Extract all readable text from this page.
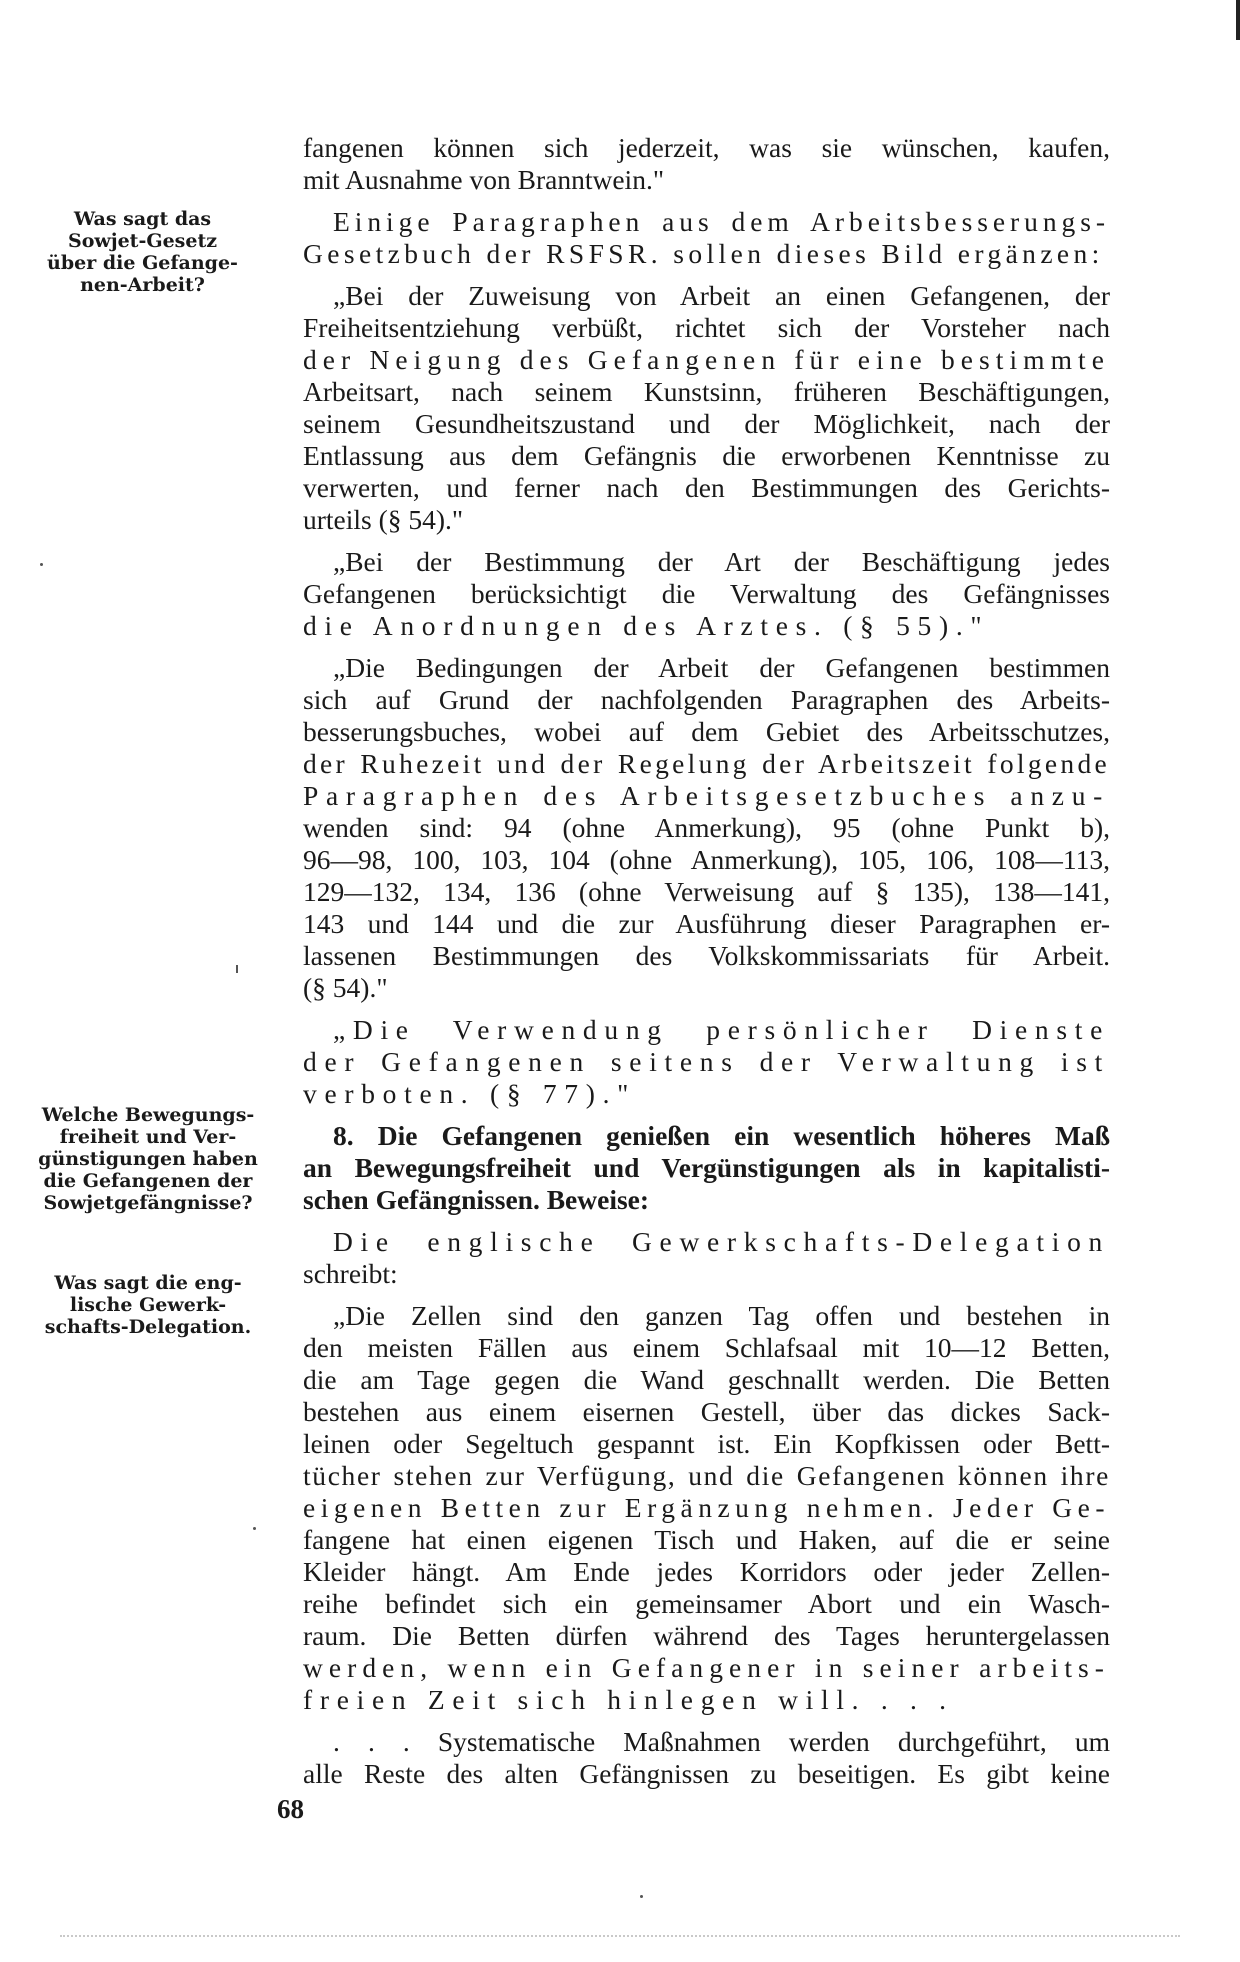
Was sagt das
Sowjet-Gesetz
über die Gefange-
nen-Arbeit?
Welche Bewegungs-
freiheit und Ver-
günstigungen haben
die Gefangenen der
Sowjetgefängnisse?
Was sagt die eng-
lische Gewerk-
schafts-Delegation.
fangenen können sich jederzeit, was sie wünschen, kaufen,
mit Ausnahme von Branntwein."
Einige Paragraphen aus dem Arbeitsbesserungs-
Gesetzbuch der RSFSR. sollen dieses Bild ergänzen:
„Bei der Zuweisung von Arbeit an einen Gefangenen, der
Freiheitsentziehung verbüßt, richtet sich der Vorsteher nach
der Neigung des Gefangenen für eine bestimmte
Arbeitsart, nach seinem Kunstsinn, früheren Beschäftigungen,
seinem Gesundheitszustand und der Möglichkeit, nach der
Entlassung aus dem Gefängnis die erworbenen Kenntnisse zu
verwerten, und ferner nach den Bestimmungen des Gerichts-
urteils (§ 54)."
„Bei der Bestimmung der Art der Beschäftigung jedes
Gefangenen berücksichtigt die Verwaltung des Gefängnisses
die Anordnungen des Arztes. (§ 55)."
„Die Bedingungen der Arbeit der Gefangenen bestimmen
sich auf Grund der nachfolgenden Paragraphen des Arbeits-
besserungsbuches, wobei auf dem Gebiet des Arbeitsschutzes,
der Ruhezeit und der Regelung der Arbeitszeit folgende
Paragraphen des Arbeitsgesetzbuches anzu-
wenden sind: 94 (ohne Anmerkung), 95 (ohne Punkt b),
96—98, 100, 103, 104 (ohne Anmerkung), 105, 106, 108—113,
129—132, 134, 136 (ohne Verweisung auf § 135), 138—141,
143 und 144 und die zur Ausführung dieser Paragraphen er-
lassenen Bestimmungen des Volkskommissariats für Arbeit.
(§ 54)."
„Die Verwendung persönlicher Dienste
der Gefangenen seitens der Verwaltung ist
verboten. (§ 77)."
8. Die Gefangenen genießen ein wesentlich höheres Maß
an Bewegungsfreiheit und Vergünstigungen als in kapitalisti-
schen Gefängnissen. Beweise:
Die englische Gewerkschafts-Delegation
schreibt:
„Die Zellen sind den ganzen Tag offen und bestehen in
den meisten Fällen aus einem Schlafsaal mit 10—12 Betten,
die am Tage gegen die Wand geschnallt werden. Die Betten
bestehen aus einem eisernen Gestell, über das dickes Sack-
leinen oder Segeltuch gespannt ist. Ein Kopfkissen oder Bett-
tücher stehen zur Verfügung, und die Gefangenen können ihre
eigenen Betten zur Ergänzung nehmen. Jeder Ge-
fangene hat einen eigenen Tisch und Haken, auf die er seine
Kleider hängt. Am Ende jedes Korridors oder jeder Zellen-
reihe befindet sich ein gemeinsamer Abort und ein Wasch-
raum. Die Betten dürfen während des Tages heruntergelassen
werden, wenn ein Gefangener in seiner arbeits-
freien Zeit sich hinlegen will. . . .
. . . Systematische Maßnahmen werden durchgeführt, um
alle Reste des alten Gefängnissen zu beseitigen. Es gibt keine
68
